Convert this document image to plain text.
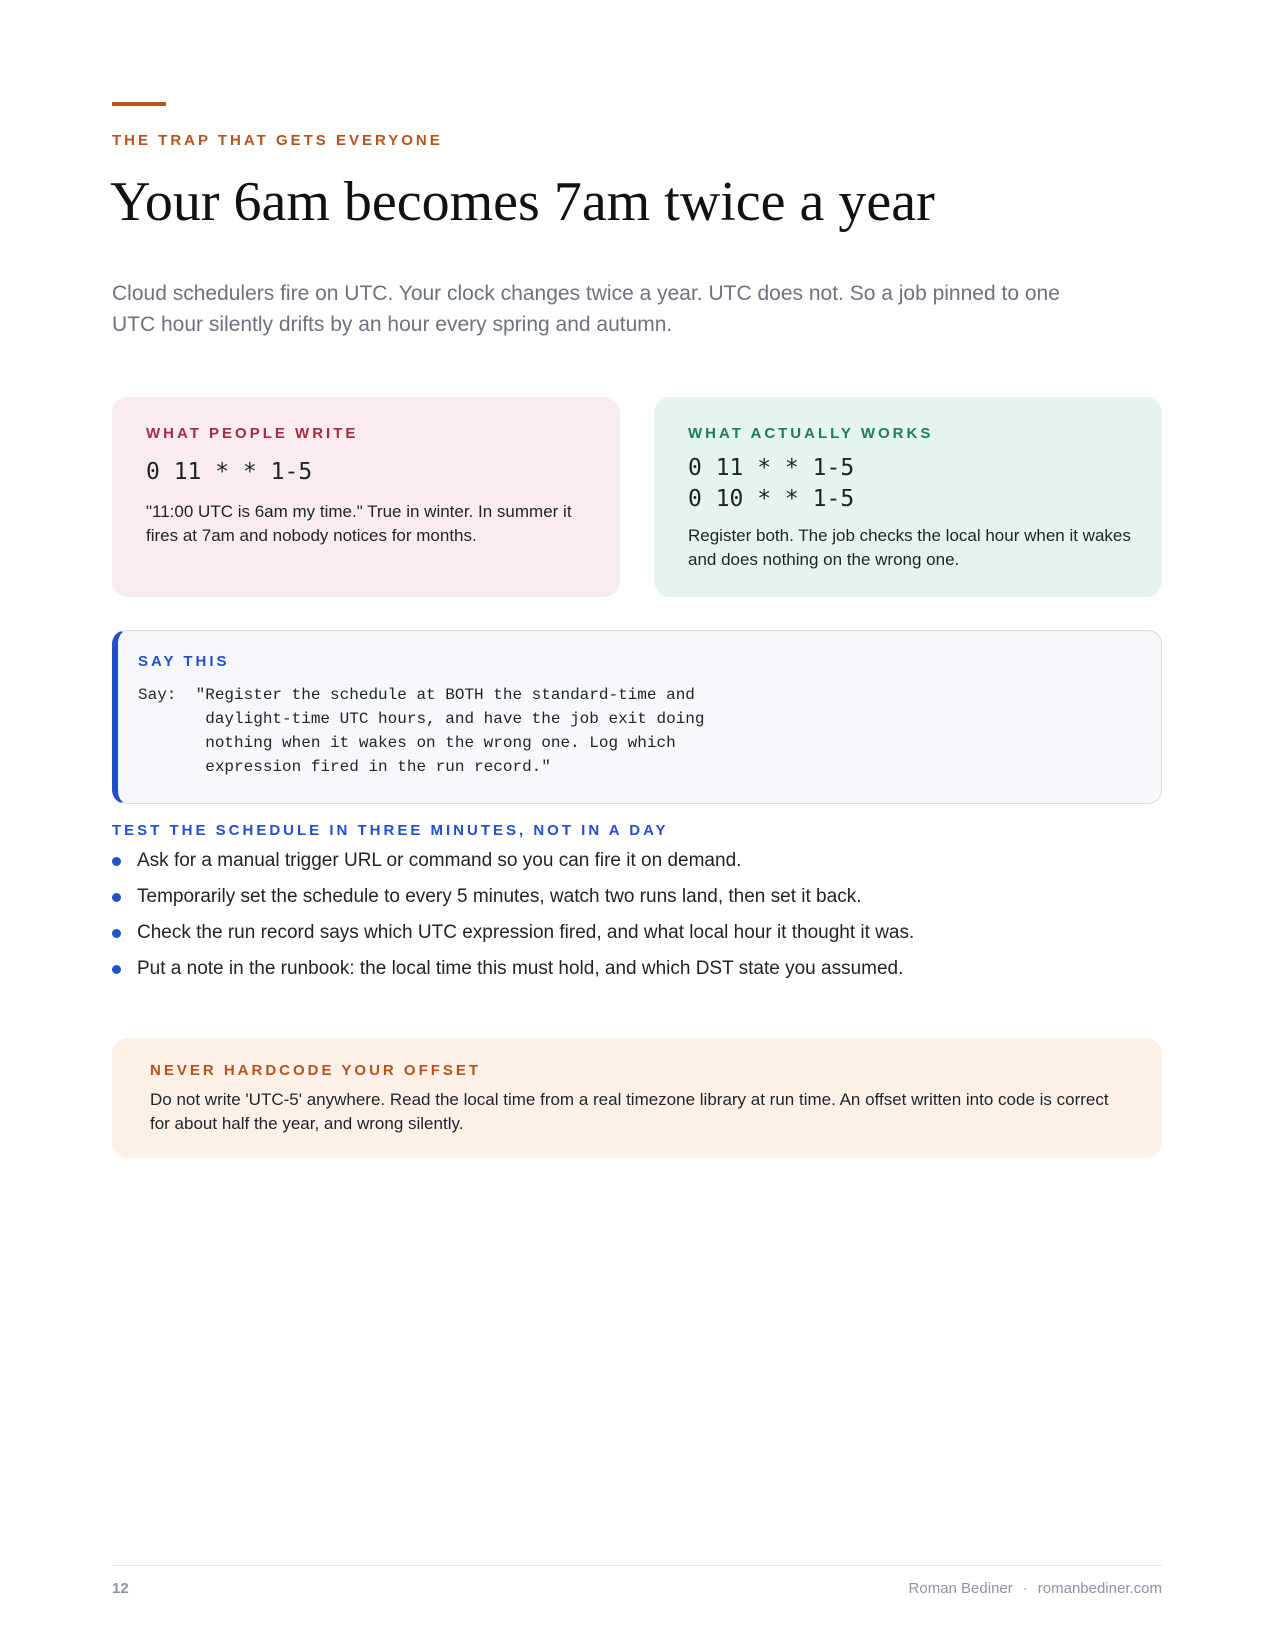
THE TRAP THAT GETS EVERYONE
Your 6am becomes 7am twice a year

Cloud schedulers fire on UTC. Your clock changes twice a year. UTC does not. So a job pinned to one UTC hour silently drifts by an hour every spring and autumn.

WHAT PEOPLE WRITE
0 11 * * 1-5

"11:00 UTC is 6am my time." True in winter. In summer it fires at 7am and nobody notices for months.

WHAT ACTUALLY WORKS
0 11 * * 1-5
0 10 * * 1-5

Register both. The job checks the local hour when it wakes and does nothing on the wrong one.

SAY THIS
Say:  "Register the schedule at BOTH the standard-time and
daylight-time UTC hours, and have the job exit doing
nothing when it wakes on the wrong one. Log which
expression fired in the run record."
TEST THE SCHEDULE IN THREE MINUTES, NOT IN A DAY
Ask for a manual trigger URL or command so you can fire it on demand.
Temporarily set the schedule to every 5 minutes, watch two runs land, then set it back.
Check the run record says which UTC expression fired, and what local hour it thought it was.
Put a note in the runbook: the local time this must hold, and which DST state you assumed.
NEVER HARDCODE YOUR OFFSET

Do not write 'UTC-5' anywhere. Read the local time from a real timezone library at run time. An offset written into code is correct for about half the year, and wrong silently.

12	Roman Bediner · romanbediner.com
